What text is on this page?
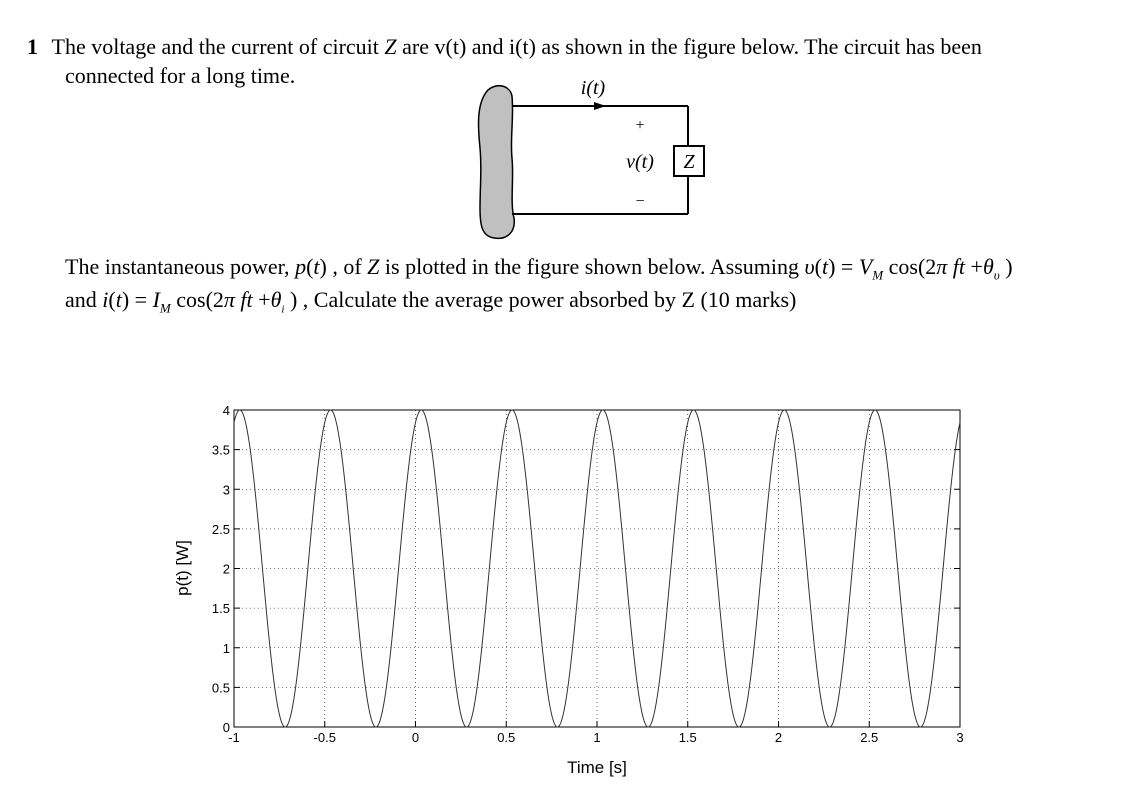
1 The voltage and the current of circuit Z are v(t) and i(t) as shown in the figure below. The circuit has been
connected for a long time.
The instantaneous power, p(t) , of Z is plotted in the figure shown below. Assuming $\upsilon(t) = V_M$ cos(2π ft $+\theta_\upsilon$ )
and $i(t) = I_M$ cos(2π ft $+\theta_i$ ) , Calculate the average power absorbed by Z (10 marks)
Z
i(t)
+
v(t)
−
-1	-0.5	0	0.5	1	1.5	2	2.5	3
0
0.5
1
1.5
2
2.5
3
3.5
4
Time [s]
p(t) [W]
